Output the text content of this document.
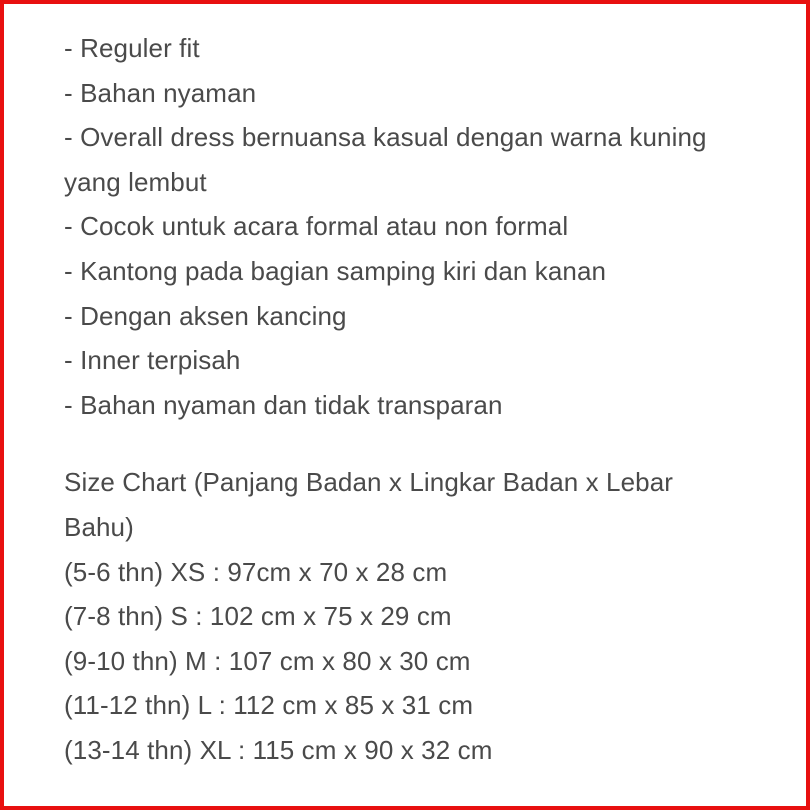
- Reguler fit
- Bahan nyaman
- Overall dress bernuansa kasual dengan warna kuning
yang lembut
- Cocok untuk acara formal atau non formal
- Kantong pada bagian samping kiri dan kanan
- Dengan aksen kancing
- Inner terpisah
- Bahan nyaman dan tidak transparan
Size Chart (Panjang Badan x Lingkar Badan x Lebar
Bahu)
(5-6 thn) XS : 97cm x 70 x 28 cm
(7-8 thn) S : 102 cm x 75 x 29 cm
(9-10 thn) M : 107 cm x 80 x 30 cm
(11-12 thn) L : 112 cm x 85 x 31 cm
(13-14 thn) XL : 115 cm x 90 x 32 cm
